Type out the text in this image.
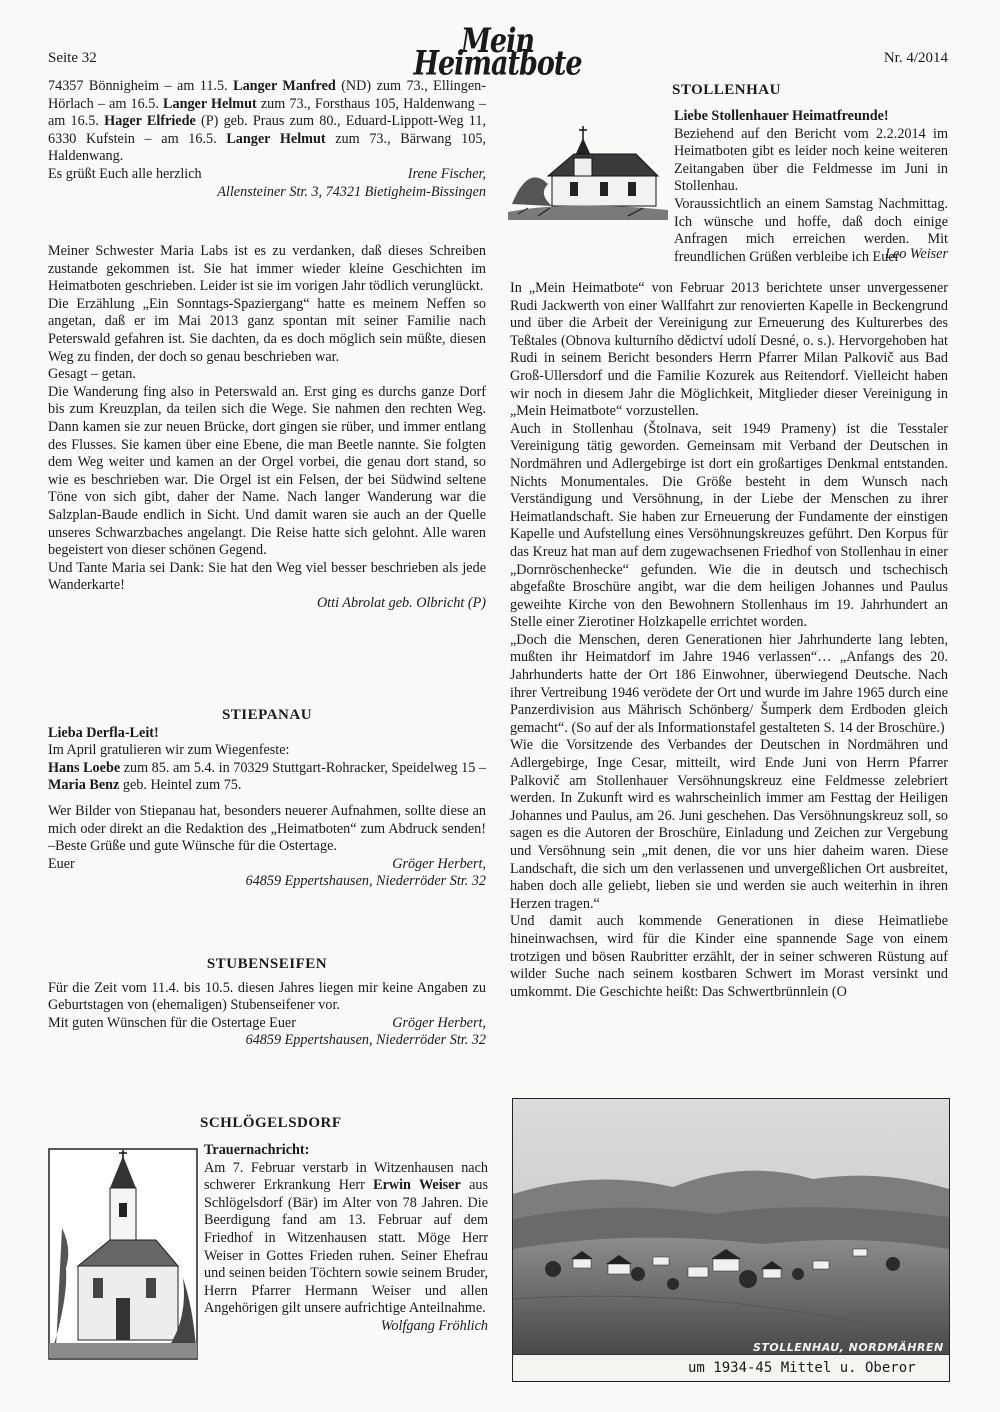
Seite 32	Mein Heimatbote	Nr. 4/2014

74357 Bönnigheim – am 11.5. Langer Manfred (ND) zum 73., Ellingen-Hörlach – am 16.5. Langer Helmut zum 73., Forsthaus 105, Haldenwang – am 16.5. Hager Elfriede (P) geb. Praus zum 80., Eduard-Lippott-Weg 11, 6330 Kufstein – am 16.5. Langer Helmut zum 73., Bärwang 105, Haldenwang.

Es grüßt Euch alle herzlich	Irene Fischer,

Allensteiner Str. 3, 74321 Bietigheim-Bissingen

Meiner Schwester Maria Labs ist es zu verdanken, daß dieses Schreiben zustande gekommen ist. Sie hat immer wieder kleine Geschichten im Heimatboten geschrieben. Leider ist sie im vorigen Jahr tödlich verunglückt.

Die Erzählung „Ein Sonntags-Spaziergang“ hatte es meinem Neffen so angetan, daß er im Mai 2013 ganz spontan mit seiner Familie nach Peterswald gefahren ist. Sie dachten, da es doch möglich sein müßte, diesen Weg zu finden, der doch so genau beschrieben war.

Gesagt – getan.

Die Wanderung fing also in Peterswald an. Erst ging es durchs ganze Dorf bis zum Kreuzplan, da teilen sich die Wege. Sie nahmen den rechten Weg. Dann kamen sie zur neuen Brücke, dort gingen sie rüber, und immer entlang des Flusses. Sie kamen über eine Ebene, die man Beetle nannte. Sie folgten dem Weg weiter und kamen an der Orgel vorbei, die genau dort stand, so wie es beschrieben war. Die Orgel ist ein Felsen, der bei Südwind seltene Töne von sich gibt, daher der Name. Nach langer Wanderung war die Salzplan-Baude endlich in Sicht. Und damit waren sie auch an der Quelle unseres Schwarzbaches angelangt. Die Reise hatte sich gelohnt. Alle waren begeistert von dieser schönen Gegend.

Und Tante Maria sei Dank: Sie hat den Weg viel besser beschrieben als jede Wanderkarte!

Otti Abrolat geb. Olbricht (P)

STIEPANAU

Lieba Derfla-Leit!

Im April gratulieren wir zum Wiegenfeste:

Hans Loebe zum 85. am 5.4. in 70329 Stuttgart-Rohracker, Speidelweg 15 – Maria Benz geb. Heintel zum 75.

Wer Bilder von Stiepanau hat, besonders neuerer Aufnahmen, sollte diese an mich oder direkt an die Redaktion des „Heimatboten“ zum Abdruck senden! –Beste Grüße und gute Wünsche für die Ostertage.

Euer	Gröger Herbert,

64859 Eppertshausen, Niederröder Str. 32

STUBENSEIFEN

Für die Zeit vom 11.4. bis 10.5. diesen Jahres liegen mir keine Angaben zu Geburtstagen von (ehemaligen) Stubenseifener vor.

Mit guten Wünschen für die Ostertage Euer	Gröger Herbert,

64859 Eppertshausen, Niederröder Str. 32

SCHLÖGELSDORF

Trauernachricht:

Am 7. Februar verstarb in Witzenhausen nach schwerer Erkrankung Herr Erwin Weiser aus Schlögelsdorf (Bär) im Alter von 78 Jahren. Die Beerdigung fand am 13. Februar auf dem Friedhof in Witzenhausen statt. Möge Herr Weiser in Gottes Frieden ruhen. Seiner Ehefrau und seinen beiden Töchtern sowie seinem Bruder, Herrn Pfarrer Hermann Weiser und allen Angehörigen gilt unsere aufrichtige Anteilnahme.

Wolfgang Fröhlich

STOLLENHAU

Liebe Stollenhauer Heimatfreunde!

Beziehend auf den Bericht vom 2.2.2014 im Heimatboten gibt es leider noch keine weiteren Zeitangaben über die Feldmesse im Juni in Stollenhau.

Voraussichtlich an einem Samstag Nachmittag. Ich wünsche und hoffe, daß doch einige Anfragen mich erreichen werden. Mit freundlichen Grüßen verbleibe ich Euer

Leo Weiser

In „Mein Heimatbote“ von Februar 2013 berichtete unser unvergessener Rudi Jackwerth von einer Wallfahrt zur renovierten Kapelle in Beckengrund und über die Arbeit der Vereinigung zur Erneuerung des Kulturerbes des Teßtales (Obnova kulturního dědictví udolí Desné, o. s.). Hervorgehoben hat Rudi in seinem Bericht besonders Herrn Pfarrer Milan Palkovič aus Bad Groß-Ullersdorf und die Familie Kozurek aus Reitendorf. Vielleicht haben wir noch in diesem Jahr die Möglichkeit, Mitglieder dieser Vereinigung in „Mein Heimatbote“ vorzustellen.

Auch in Stollenhau (Štolnava, seit 1949 Prameny) ist die Tesstaler Vereinigung tätig geworden. Gemeinsam mit Verband der Deutschen in Nordmähren und Adlergebirge ist dort ein großartiges Denkmal entstanden. Nichts Monumentales. Die Größe besteht in dem Wunsch nach Verständigung und Versöhnung, in der Liebe der Menschen zu ihrer Heimatlandschaft. Sie haben zur Erneuerung der Fundamente der einstigen Kapelle und Aufstellung eines Versöhnungskreuzes geführt. Den Korpus für das Kreuz hat man auf dem zugewachsenen Friedhof von Stollenhau in einer „Dornröschenhecke“ gefunden. Wie die in deutsch und tschechisch abgefaßte Broschüre angibt, war die dem heiligen Johannes und Paulus geweihte Kirche von den Bewohnern Stollenhaus im 19. Jahrhundert an Stelle einer Zierotiner Holzkapelle errichtet worden.

„Doch die Menschen, deren Generationen hier Jahrhunderte lang lebten, mußten ihr Heimatdorf im Jahre 1946 verlassen“… „Anfangs des 20. Jahrhunderts hatte der Ort 186 Einwohner, überwiegend Deutsche. Nach ihrer Vertreibung 1946 verödete der Ort und wurde im Jahre 1965 durch eine Panzerdivision aus Mährisch Schönberg/ Šumperk dem Erdboden gleich gemacht“. (So auf der als Informationstafel gestalteten S. 14 der Broschüre.)

Wie die Vorsitzende des Verbandes der Deutschen in Nordmähren und Adlergebirge, Inge Cesar, mitteilt, wird Ende Juni von Herrn Pfarrer Palkovič am Stollenhauer Versöhnungskreuz eine Feldmesse zelebriert werden. In Zukunft wird es wahrscheinlich immer am Festtag der Heiligen Johannes und Paulus, am 26. Juni geschehen. Das Versöhnungskreuz soll, so sagen es die Autoren der Broschüre, Einladung und Zeichen zur Vergebung und Versöhnung sein „mit denen, die vor uns hier daheim waren. Diese Landschaft, die sich um den verlassenen und unvergeßlichen Ort ausbreitet, haben doch alle geliebt, lieben sie und werden sie auch weiterhin in ihren Herzen tragen.“

Und damit auch kommende Generationen in diese Heimatliebe hineinwachsen, wird für die Kinder eine spannende Sage von einem trotzigen und bösen Raubritter erzählt, der in seiner schweren Rüstung auf wilder Suche nach seinem kostbaren Schwert im Morast versinkt und umkommt. Die Geschichte heißt: Das Schwertbrünnlein (O

STOLLENHAU, NORDMÄHREN
um 1934-45 Mittel u. Oberor
